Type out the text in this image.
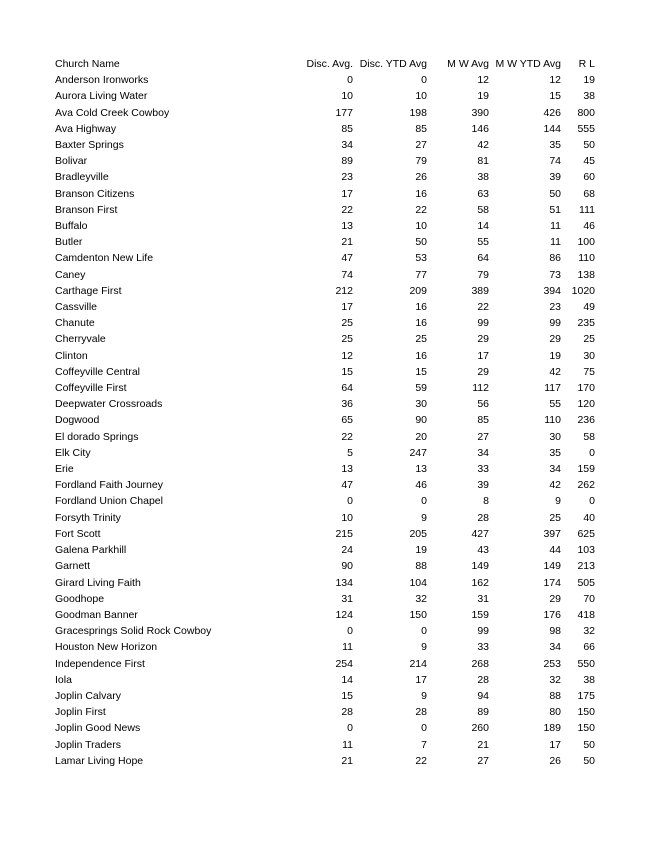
Church Name	Disc. Avg.	Disc. YTD Avg	M W Avg	M W YTD Avg	R L
Anderson Ironworks	0	0	12	12	19
Aurora Living Water	10	10	19	15	38
Ava Cold Creek Cowboy	177	198	390	426	800
Ava Highway	85	85	146	144	555
Baxter Springs	34	27	42	35	50
Bolivar	89	79	81	74	45
Bradleyville	23	26	38	39	60
Branson Citizens	17	16	63	50	68
Branson First	22	22	58	51	111
Buffalo	13	10	14	11	46
Butler	21	50	55	11	100
Camdenton New Life	47	53	64	86	110
Caney	74	77	79	73	138
Carthage First	212	209	389	394	1020
Cassville	17	16	22	23	49
Chanute	25	16	99	99	235
Cherryvale	25	25	29	29	25
Clinton	12	16	17	19	30
Coffeyville Central	15	15	29	42	75
Coffeyville First	64	59	112	117	170
Deepwater Crossroads	36	30	56	55	120
Dogwood	65	90	85	110	236
El dorado Springs	22	20	27	30	58
Elk City	5	247	34	35	0
Erie	13	13	33	34	159
Fordland Faith Journey	47	46	39	42	262
Fordland Union Chapel	0	0	8	9	0
Forsyth Trinity	10	9	28	25	40
Fort Scott	215	205	427	397	625
Galena Parkhill	24	19	43	44	103
Garnett	90	88	149	149	213
Girard Living Faith	134	104	162	174	505
Goodhope	31	32	31	29	70
Goodman Banner	124	150	159	176	418
Gracesprings Solid Rock Cowboy	0	0	99	98	32
Houston New Horizon	11	9	33	34	66
Independence First	254	214	268	253	550
Iola	14	17	28	32	38
Joplin Calvary	15	9	94	88	175
Joplin First	28	28	89	80	150
Joplin Good News	0	0	260	189	150
Joplin Traders	11	7	21	17	50
Lamar Living Hope	21	22	27	26	50
